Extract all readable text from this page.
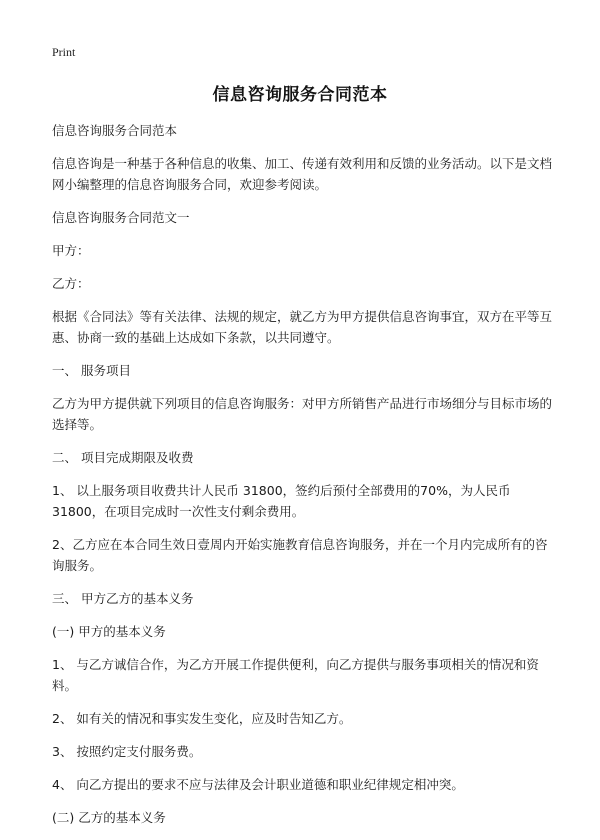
Print
信息咨询服务合同范本

信息咨询服务合同范本

信息咨询是一种基于各种信息的收集、加工、传递有效利用和反馈的业务活动。以下是文档网小编整理的信息咨询服务合同，欢迎参考阅读。

信息咨询服务合同范文一

甲方：

乙方：

根据《合同法》等有关法律、法规的规定，就乙方为甲方提供信息咨询事宜，双方在平等互惠、协商一致的基础上达成如下条款，以共同遵守。

一、 服务项目

乙方为甲方提供就下列项目的信息咨询服务：对甲方所销售产品进行市场细分与目标市场的选择等。

二、 项目完成期限及收费

1、 以上服务项目收费共计人民币 31800，签约后预付全部费用的70%，为人民币 31800，在项目完成时一次性支付剩余费用。

2、乙方应在本合同生效日壹周内开始实施教育信息咨询服务，并在一个月内完成所有的咨询服务。

三、 甲方乙方的基本义务

(一) 甲方的基本义务

1、 与乙方诚信合作，为乙方开展工作提供便利，向乙方提供与服务事项相关的情况和资料。

2、 如有关的情况和事实发生变化，应及时告知乙方。

3、 按照约定支付服务费。

4、 向乙方提出的要求不应与法律及会计职业道德和职业纪律规定相冲突。

(二) 乙方的基本义务
